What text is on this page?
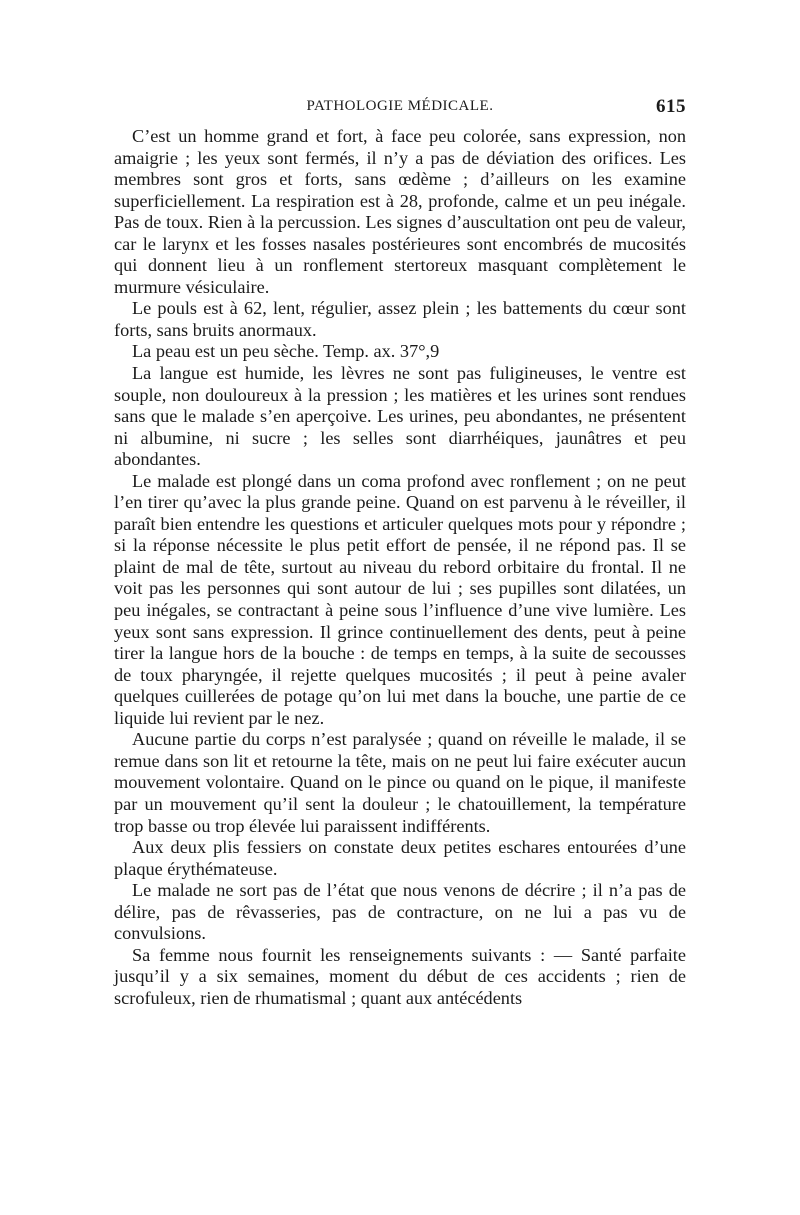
PATHOLOGIE MÉDICALE.	615

C’est un homme grand et fort, à face peu colorée, sans expression, non amaigrie ; les yeux sont fermés, il n’y a pas de déviation des orifices. Les membres sont gros et forts, sans œdème ; d’ailleurs on les examine superficiellement. La respiration est à 28, profonde, calme et un peu inégale. Pas de toux. Rien à la percussion. Les signes d’auscultation ont peu de valeur, car le larynx et les fosses nasales postérieures sont encombrés de mucosités qui donnent lieu à un ronflement stertoreux masquant complètement le murmure vésiculaire.

Le pouls est à 62, lent, régulier, assez plein ; les battements du cœur sont forts, sans bruits anormaux.

La peau est un peu sèche. Temp. ax. 37°,9

La langue est humide, les lèvres ne sont pas fuligineuses, le ventre est souple, non douloureux à la pression ; les matières et les urines sont rendues sans que le malade s’en aperçoive. Les urines, peu abondantes, ne présentent ni albumine, ni sucre ; les selles sont diarrhéiques, jaunâtres et peu abondantes.

Le malade est plongé dans un coma profond avec ronflement ; on ne peut l’en tirer qu’avec la plus grande peine. Quand on est parvenu à le réveiller, il paraît bien entendre les questions et articuler quelques mots pour y répondre ; si la réponse nécessite le plus petit effort de pensée, il ne répond pas. Il se plaint de mal de tête, surtout au niveau du rebord orbitaire du frontal. Il ne voit pas les personnes qui sont autour de lui ; ses pupilles sont dilatées, un peu inégales, se contractant à peine sous l’influence d’une vive lumière. Les yeux sont sans expression. Il grince continuellement des dents, peut à peine tirer la langue hors de la bouche : de temps en temps, à la suite de secousses de toux pharyngée, il rejette quelques mucosités ; il peut à peine avaler quelques cuillerées de potage qu’on lui met dans la bouche, une partie de ce liquide lui revient par le nez.

Aucune partie du corps n’est paralysée ; quand on réveille le malade, il se remue dans son lit et retourne la tête, mais on ne peut lui faire exécuter aucun mouvement volontaire. Quand on le pince ou quand on le pique, il manifeste par un mouvement qu’il sent la douleur ; le chatouillement, la température trop basse ou trop élevée lui paraissent indifférents.

Aux deux plis fessiers on constate deux petites eschares entourées d’une plaque érythémateuse.

Le malade ne sort pas de l’état que nous venons de décrire ; il n’a pas de délire, pas de rêvasseries, pas de contracture, on ne lui a pas vu de convulsions.

Sa femme nous fournit les renseignements suivants : — Santé parfaite jusqu’il y a six semaines, moment du début de ces accidents ; rien de scrofuleux, rien de rhumatismal ; quant aux antécédents
